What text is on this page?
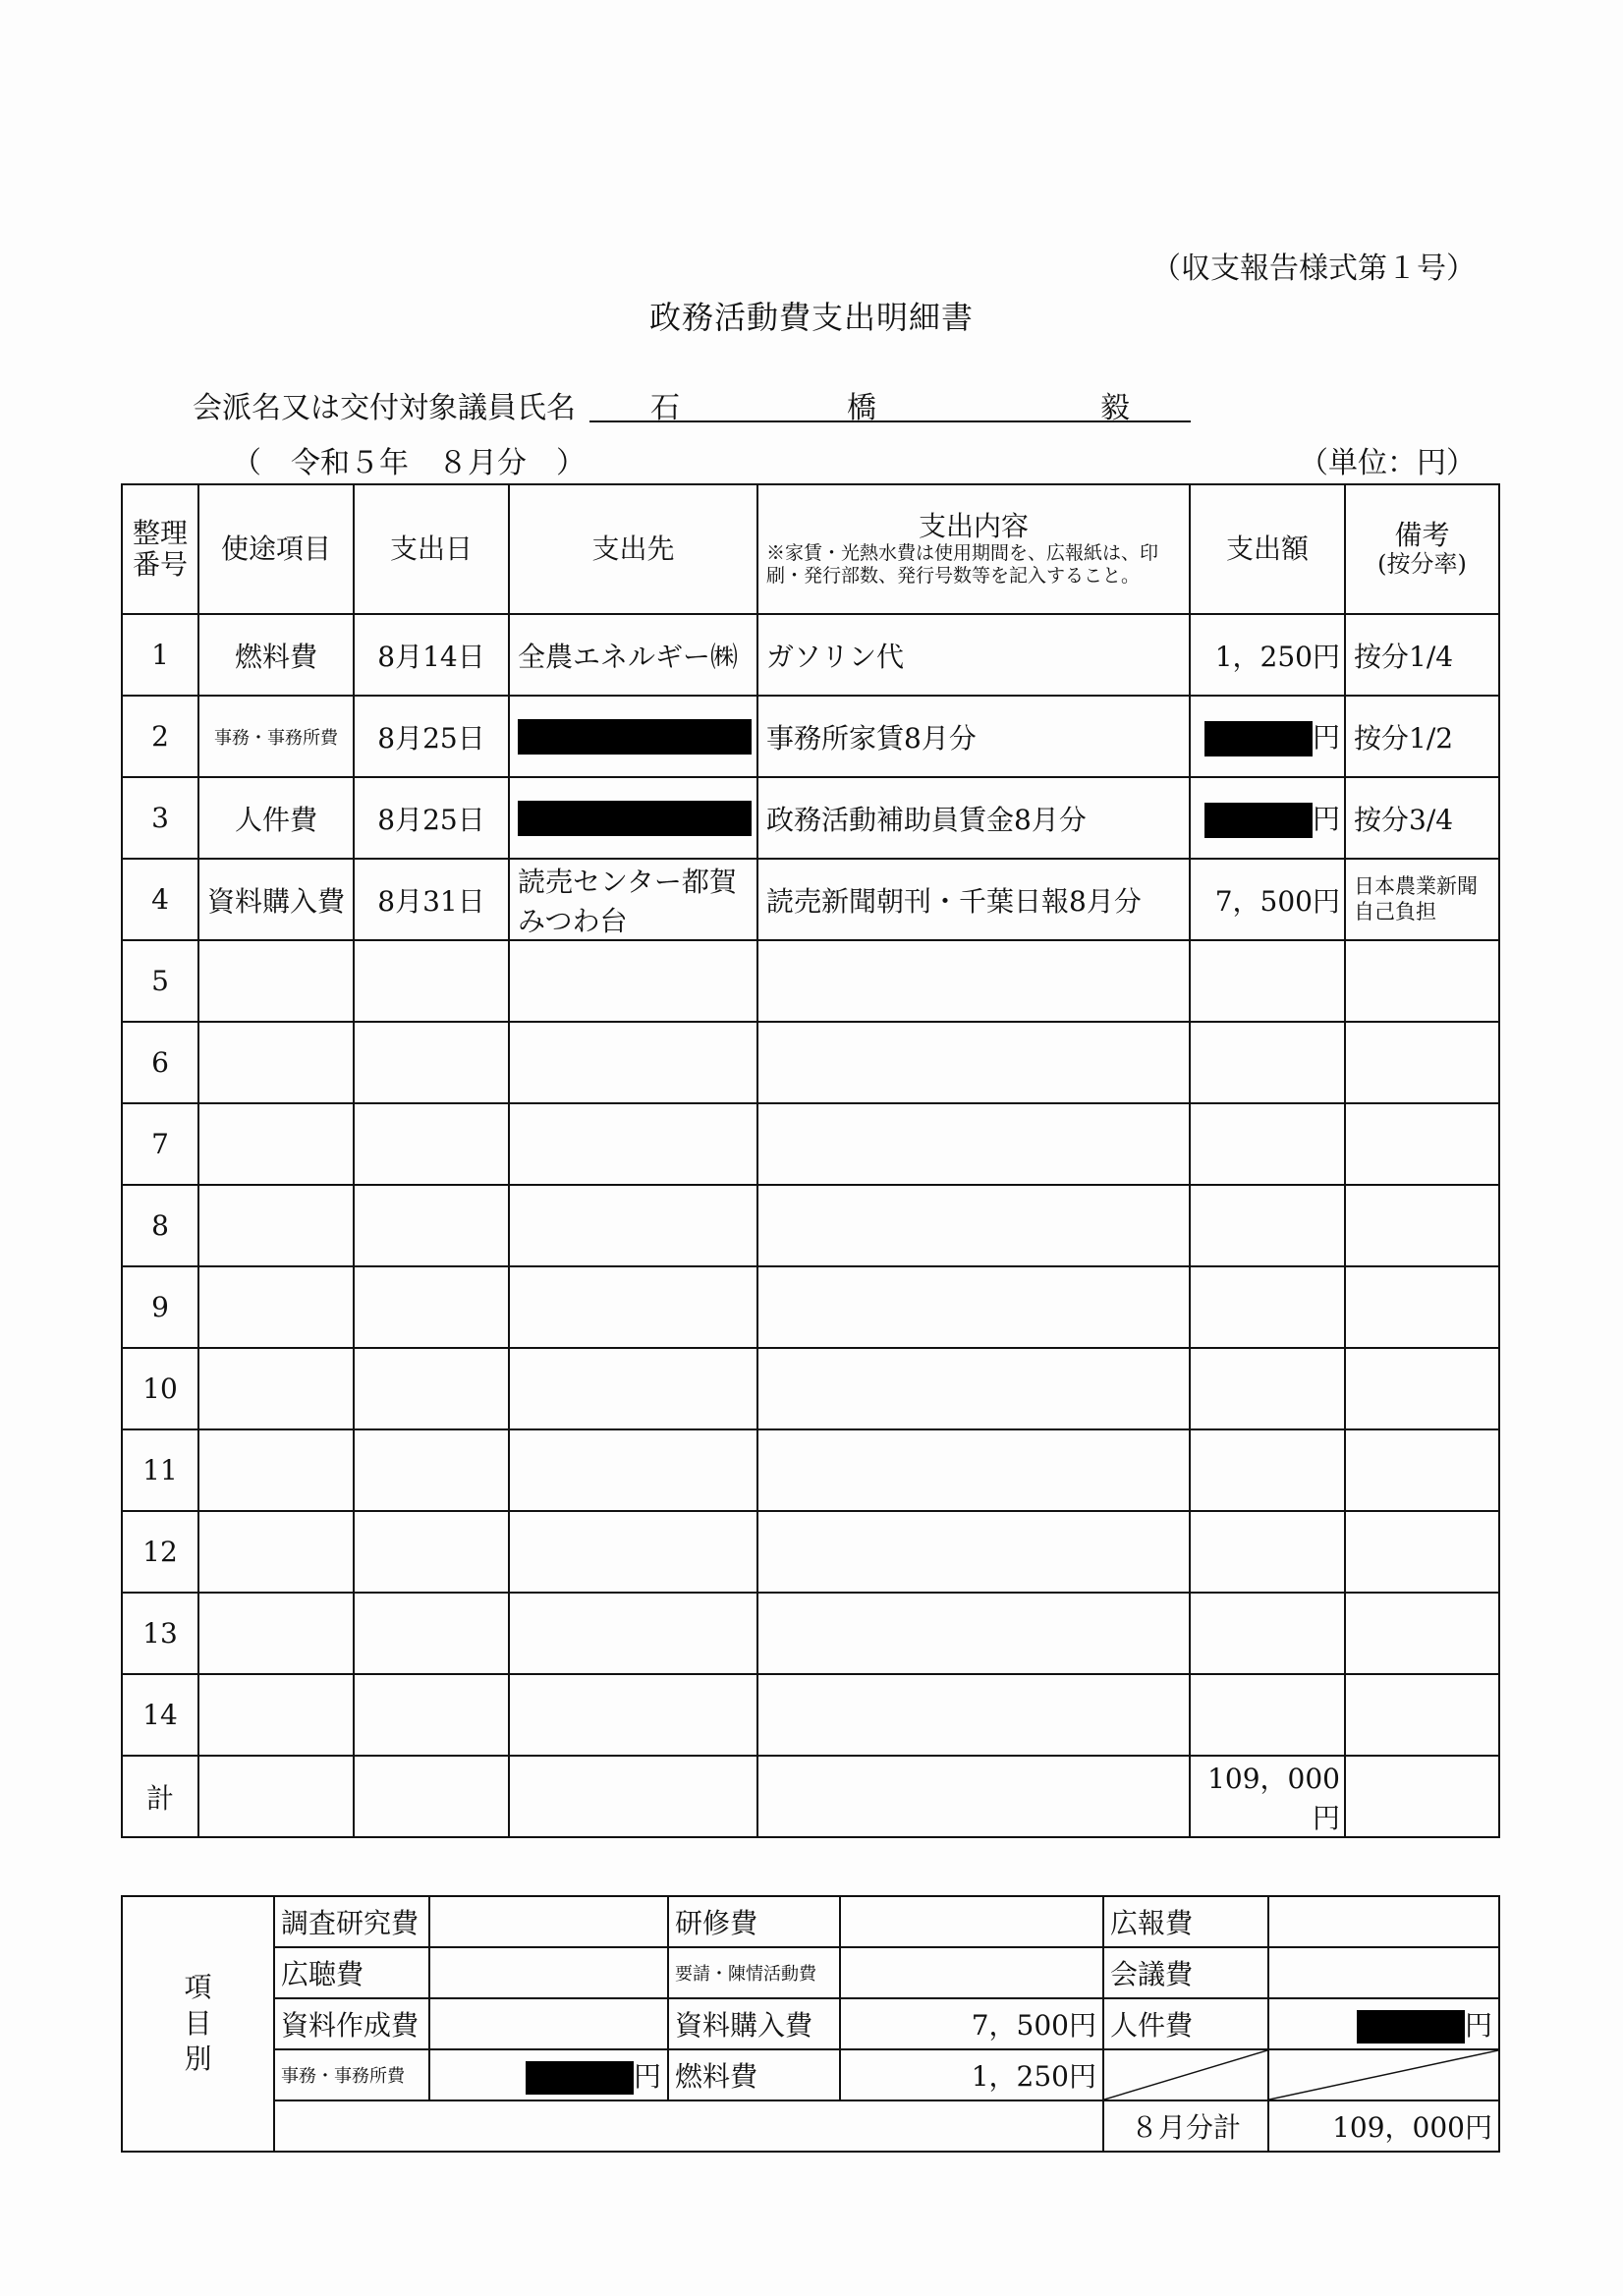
（収支報告様式第１号）
政務活動費支出明細書
会派名又は交付対象議員氏名	石	橋	毅
（　令和５年　８月分　）	（単位：円）
整理番号	使途項目	支出日	支出先	支出内容
※家賃・光熱水費は使用期間を、広報紙は、印刷・発行部数、発行号数等を記入すること。	支出額	備考
(按分率)

1	燃料費	8月14日	全農エネルギー㈱	ガソリン代	1，250円	按分1/4
2	事務・事務所費	8月25日		事務所家賃8月分	円	按分1/2
3	人件費	8月25日		政務活動補助員賃金8月分	円	按分3/4
4	資料購入費	8月31日	読売センター都賀みつわ台	読売新聞朝刊・千葉日報8月分	7，500円	日本農業新聞自己負担
5						
6						
7						
8						
9						
10						
11						
12						
13						
14						
計					109，000円	
項
目
別	調査研究費		研修費		広報費	
	広聴費		要請・陳情活動費		会議費	
	資料作成費		資料購入費	7，500円	人件費	円
	事務・事務所費	円	燃料費	1，250円	

					８月分計	109，000円
